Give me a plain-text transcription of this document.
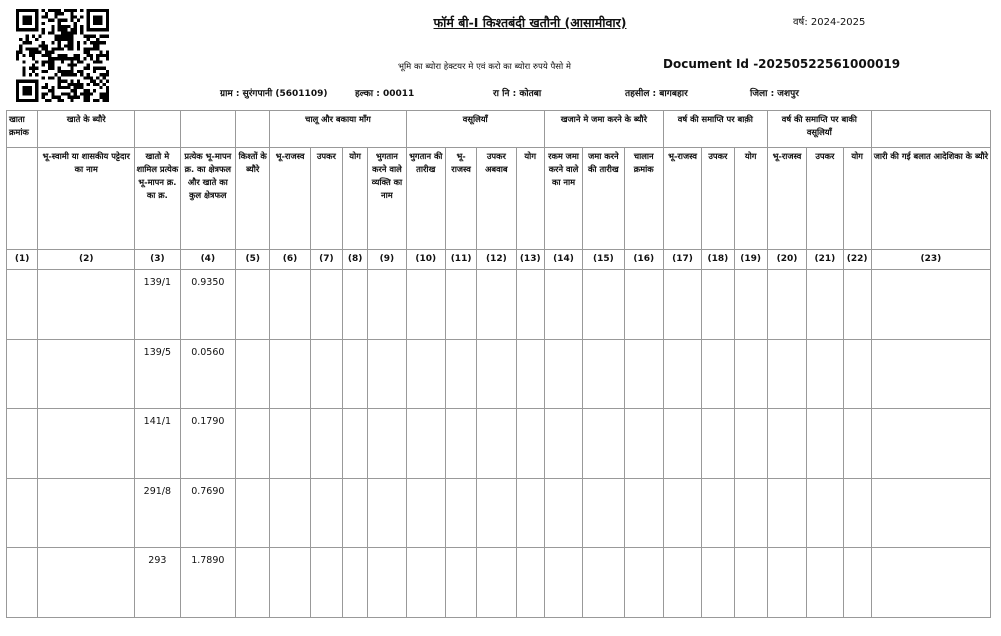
फॉर्म बी-I किश्तबंदी खतौनी (आसामीवार)	वर्ष: 2024-2025
भूमि का ब्योरा हेक्टयर मे एवं करो का ब्योरा रुपये पैसो मे	Document Id -20250522561000019
ग्राम : सुरंगपानी (5601109)	हल्का : 00011	रा नि : कोतबा	तहसील : बागबहार	जिला : जशपुर
खाता क्रमांक	खाते के ब्यौरे				चालू और बकाया मॉंग				वसूलियॉं				खजाने मे जमा करने के ब्यौरे			वर्ष की समाप्ति पर बाक़ी			वर्ष की समाप्ति पर बाकी वसूलियॉं			
	भू-स्वामी या शासकीय पट्टेदार का नाम	खातो मे शामिल प्रत्येक भू-मापन क्र. का क्र.	प्रत्येक भू-मापन क्र. का क्षेत्रफल और खाते का कुल क्षेत्रफल	किश्तों के ब्यौरे	भू-राजस्व	उपकर	योग	भुगतान करने वाले व्यक्ति का नाम	भुगतान की तारीख	भू-राजस्व	उपकर अबवाब	योग	रकम जमा करने वाले का नाम	जमा करने की तारीख	चालान क्रमांक	भू-राजस्व	उपकर	योग	भू-राजस्व	उपकर	योग	जारी की गई बलात आदेशिका के ब्यौरे
(1)	(2)	(3)	(4)	(5)	(6)	(7)	(8)	(9)	(10)	(11)	(12)	(13)	(14)	(15)	(16)	(17)	(18)	(19)	(20)	(21)	(22)	(23)
		139/1	0.9350																			
		139/5	0.0560																			
		141/1	0.1790																			
		291/8	0.7690																			
		293	1.7890																			
